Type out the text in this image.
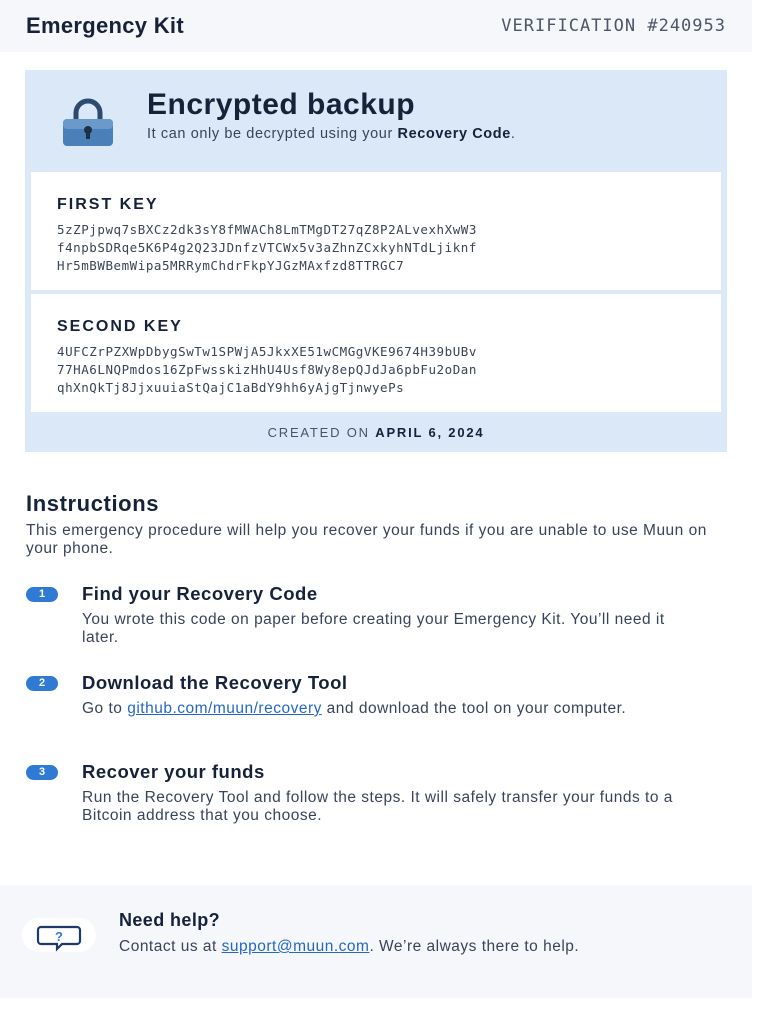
Emergency Kit	VERIFICATION #240953
Encrypted backup
It can only be decrypted using your Recovery Code.
FIRST KEY
5zZPjpwq7sBXCz2dk3sY8fMWACh8LmTMgDT27qZ8P2ALvexhXwW3
f4npbSDRqe5K6P4g2Q23JDnfzVTCWx5v3aZhnZCxkyhNTdLjiknf
Hr5mBWBemWipa5MRRymChdrFkpYJGzMAxfzd8TTRGC7
SECOND KEY
4UFCZrPZXWpDbygSwTw1SPWjA5JkxXE51wCMGgVKE9674H39bUBv
77HA6LNQPmdos16ZpFwsskizHhU4Usf8Wy8epQJdJa6pbFu2oDan
qhXnQkTj8JjxuuiaStQajC1aBdY9hh6yAjgTjnwyePs
CREATED ON APRIL 6, 2024
Instructions
This emergency procedure will help you recover your funds if you are unable to use Muun on your phone.
1	Find your Recovery Code
You wrote this code on paper before creating your Emergency Kit. You’ll need it later.
2	Download the Recovery Tool
Go to github.com/muun/recovery and download the tool on your computer.
3	Recover your funds
Run the Recovery Tool and follow the steps. It will safely transfer your funds to a Bitcoin address that you choose.
?
Need help?
Contact us at support@muun.com. We’re always there to help.
